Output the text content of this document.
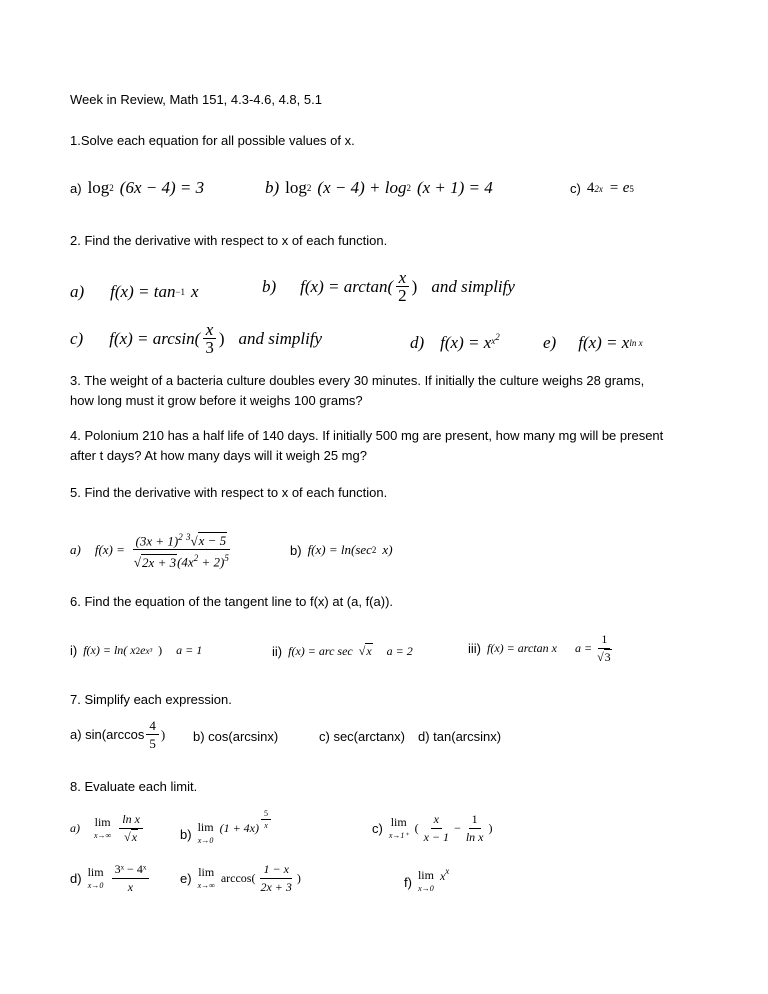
Week in Review, Math 151, 4.3-4.6, 4.8, 5.1
1.Solve each equation for all possible values of x.
a) log 2 (6x − 4) = 3	b) log 2 (x − 4) + log 2 (x + 1) = 4	c) 4 2x = e 5
2. Find the derivative with respect to x of each function.
a) f(x) = tan −1 x	b) $f(x) = \arctan( \frac{x}{2}$ ) and simplify
c) $f(x) = \arcsin( \frac{x}{3}$ ) and simplify	d) f(x) = x $^{x^2}$	e) f(x) = x ln x
3. The weight of a bacteria culture doubles every 30 minutes. If initially the culture weighs 28 grams,
how long must it grow before it weighs 100 grams?
4. Polonium 210 has a half life of 140 days. If initially 500 mg are present, how many mg will be present
after t days? At how many days will it weigh 25 mg?
5. Find the derivative with respect to x of each function.
a) $f(x) = \frac{(3x + 1)^2 ^3√x - 5}{√2x + 3(4x^2 + 2)^5}$	b) f(x) = ln(sec 2 x)
6. Find the equation of the tangent line to f(x) at (a, f(a)).
i) f(x) = ln( x 2 e x³ ) a = 1	ii) f(x) = arc sec √ x a = 2	iii) f(x) = arctan x $a = \frac{1}{√3}$
7. Simplify each expression.
a) $\sin(\arccos \frac{4}{5}$ ) b) cos(arcsinx)	c) sec(arctanx) d) tan(arcsinx)
8. Evaluate each limit.
a) lim
$x\to\infty \frac{\text{ln x}}{√x}$	b) lim
x→0
$(1 + 4x) \frac{5}{x}$	c) lim
x→1⁺ ( $\frac{x}{x - 1} - \frac{1}{\text{ln x}}$ )
d) lim
$x\to 0 \frac{\text{3ˣ − 4ˣ}}{x} e$) lim
x→∞ $\arccos( \frac{1 - x}{2x + 3}$ )	f) lim
x→0
$x^x$
